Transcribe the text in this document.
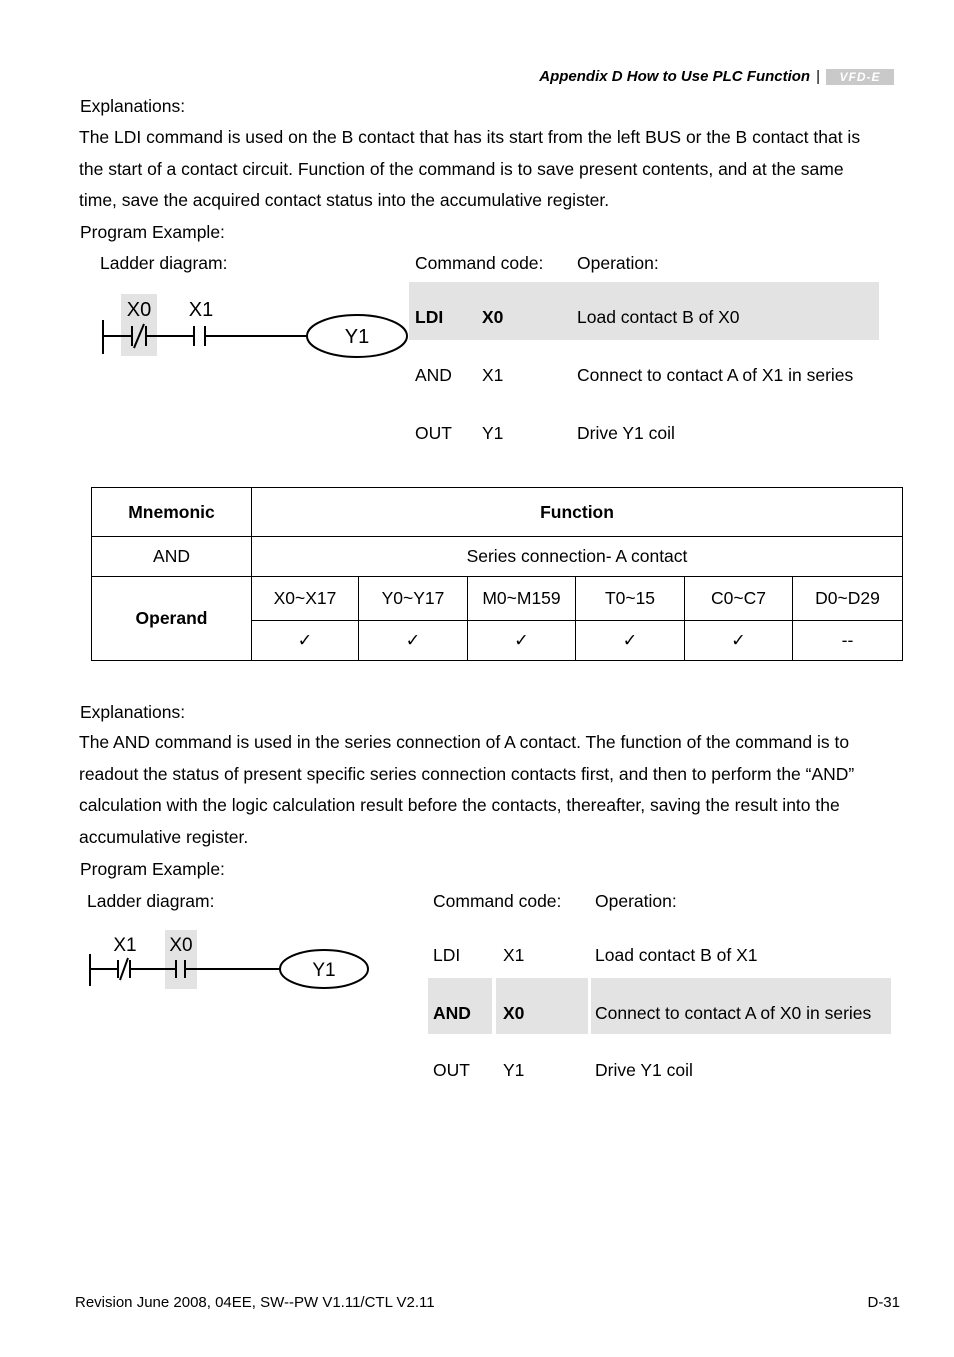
Appendix D How to Use PLC Function |	VFD-E
Explanations:
The LDI command is used on the B contact that has its start from the left BUS or the B contact that is
the start of a contact circuit. Function of the command is to save present contents, and at the same
time, save the acquired contact status into the accumulative register.
Program Example:
Ladder diagram:	Command code: Operation:
X0 X1
Y1
LDI X0	Load contact B of X0
AND X1	Connect to contact A of X1 in series
OUT Y1	Drive Y1 coil
Mnemonic	Function					
AND	Series connection- A contact					
Operand	X0~X17	Y0~Y17	M0~M159	T0~15	C0~C7	D0~D29
	✓	✓	✓	✓	✓	--
Explanations:
The AND command is used in the series connection of A contact. The function of the command is to
readout the status of present specific series connection contacts first, and then to perform the “AND”
calculation with the logic calculation result before the contacts, thereafter, saving the result into the
accumulative register.
Program Example:
Ladder diagram:	Command code: Operation:
X1 X0
Y1
LDI X1	Load contact B of X1
AND X0	Connect to contact A of X0 in series
OUT Y1	Drive Y1 coil
Revision June 2008, 04EE, SW--PW V1.11/CTL V2.11	D-31
